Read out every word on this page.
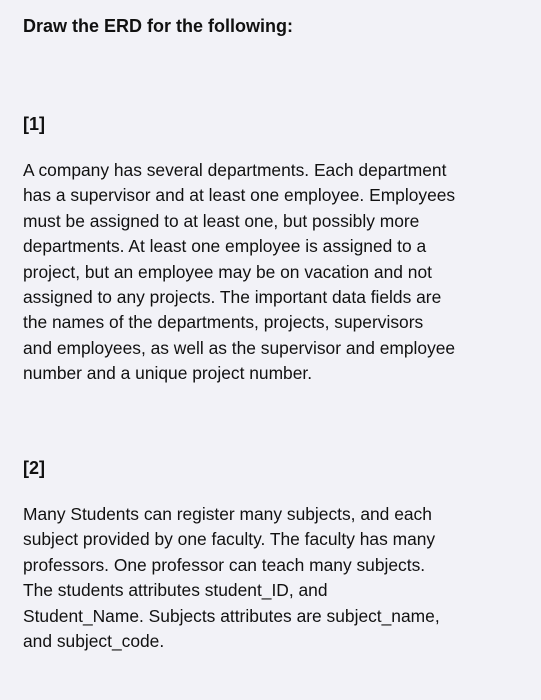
Draw the ERD for the following:
[1]
A company has several departments. Each department
has a supervisor and at least one employee. Employees
must be assigned to at least one, but possibly more
departments. At least one employee is assigned to a
project, but an employee may be on vacation and not
assigned to any projects. The important data fields are
the names of the departments, projects, supervisors
and employees, as well as the supervisor and employee
number and a unique project number.
[2]
Many Students can register many subjects, and each
subject provided by one faculty. The faculty has many
professors. One professor can teach many subjects.
The students attributes student_ID, and
Student_Name. Subjects attributes are subject_name,
and subject_code.
